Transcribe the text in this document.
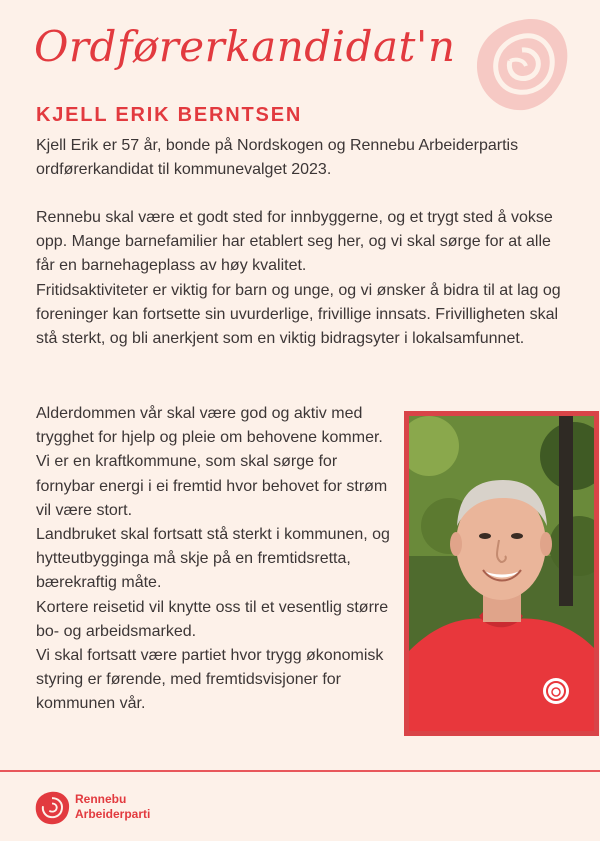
Ordførerkandidat'n
KJELL ERIK BERNTSEN

Kjell Erik er 57 år, bonde på Nordskogen og Rennebu Arbeiderpartis ordførerkandidat til kommunevalget 2023.

Rennebu skal være et godt sted for innbyggerne, og et trygt sted å vokse opp. Mange barnefamilier har etablert seg her, og vi skal sørge for at alle får en barnehageplass av høy kvalitet.
Fritidsaktiviteter er viktig for barn og unge, og vi ønsker å bidra til at lag og foreninger kan fortsette sin uvurderlige, frivillige innsats. Frivilligheten skal stå sterkt, og bli anerkjent som en viktig bidragsyter i lokalsamfunnet.
Alderdommen vår skal være god og aktiv med trygghet for hjelp og pleie om behovene kommer.
Vi er en kraftkommune, som skal sørge for fornybar energi i ei fremtid hvor behovet for strøm vil være stort.
Landbruket skal fortsatt stå sterkt i kommunen, og hytteutbygginga må skje på en fremtidsretta, bærekraftig måte.
Kortere reisetid vil knytte oss til et vesentlig større bo- og arbeidsmarked.
Vi skal fortsatt være partiet hvor trygg økonomisk styring er førende, med fremtidsvisjoner for kommunen vår.
Rennebu
Arbeiderparti
